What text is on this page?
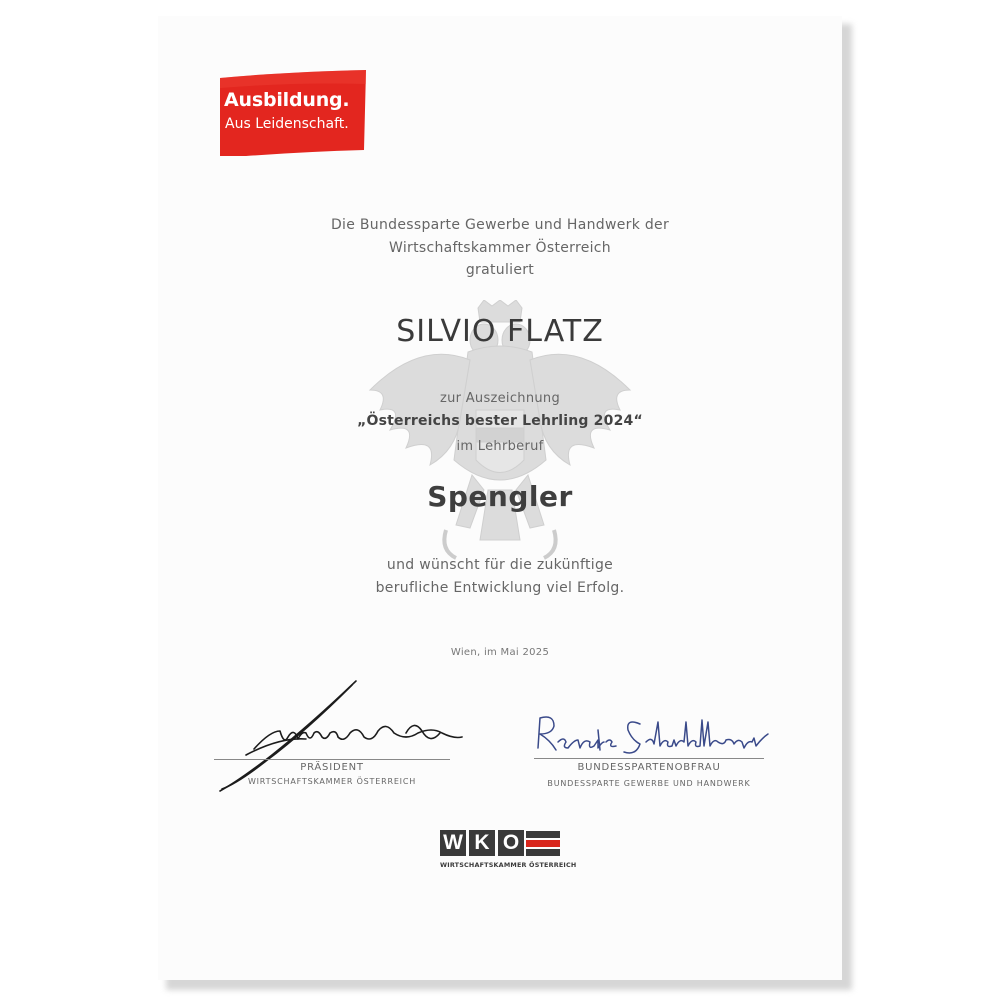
Ausbildung.
Aus Leidenschaft.
Die Bundessparte Gewerbe und Handwerk der
Wirtschaftskammer Österreich
gratuliert
SILVIO FLATZ
zur Auszeichnung
„Österreichs bester Lehrling 2024“
im Lehrberuf
Spengler
und wünscht für die zukünftige
berufliche Entwicklung viel Erfolg.
Wien, im Mai 2025
PRÄSIDENT
WIRTSCHAFTSKAMMER ÖSTERREICH
BUNDESSPARTENOBFRAU
BUNDESSPARTE GEWERBE UND HANDWERK
W K O
WIRTSCHAFTSKAMMER ÖSTERREICH
